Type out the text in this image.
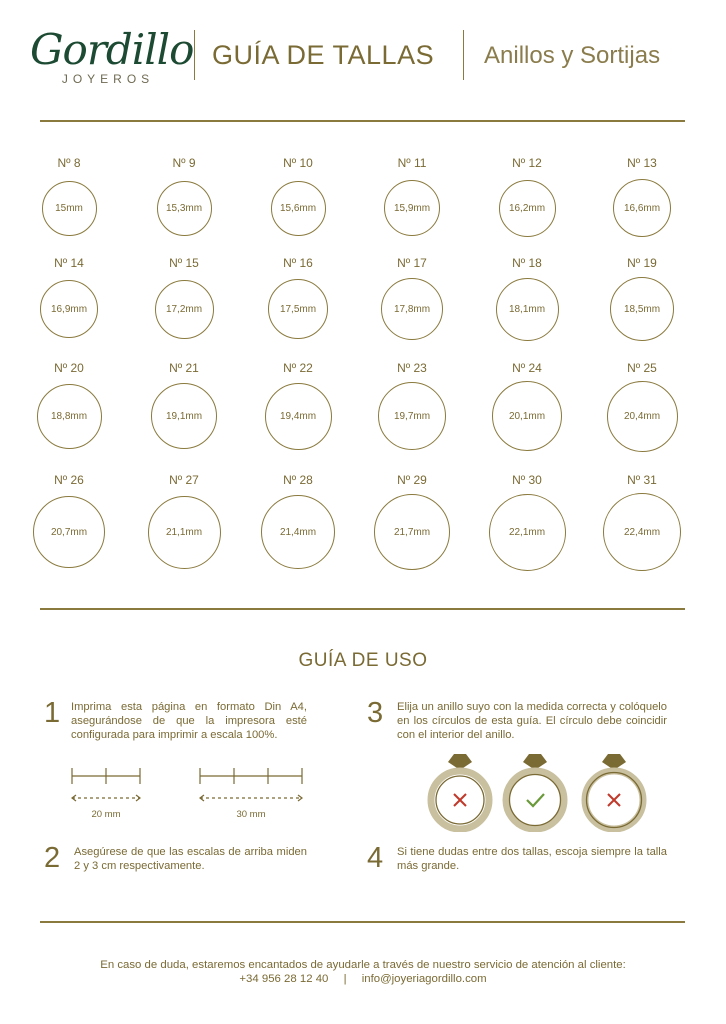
Gordillo
JOYEROS
GUÍA DE TALLAS Anillos y Sortijas
Nº 8
15mm
Nº 9
15,3mm
Nº 10
15,6mm
Nº 11
15,9mm
Nº 12
16,2mm
Nº 13
16,6mm
Nº 14
16,9mm
Nº 15
17,2mm
Nº 16
17,5mm
Nº 17
17,8mm
Nº 18
18,1mm
Nº 19
18,5mm
Nº 20
18,8mm
Nº 21
19,1mm
Nº 22
19,4mm
Nº 23
19,7mm
Nº 24
20,1mm
Nº 25
20,4mm
Nº 26
20,7mm
Nº 27
21,1mm
Nº 28
21,4mm
Nº 29
21,7mm
Nº 30
22,1mm
Nº 31
22,4mm
GUÍA DE USO
1 Imprima esta página en formato Din A4, asegurándose de que la impresora esté configurada para imprimir a escala 100%.
3 Elija un anillo suyo con la medida correcta y colóquelo en los círculos de esta guía. El círculo debe coincidir con el interior del anillo.
20 mm	30 mm
2 Asegúrese de que las escalas de arriba miden 2 y 3 cm respectivamente.	4 Si tiene dudas entre dos tallas, escoja siempre la talla más grande.
En caso de duda, estaremos encantados de ayudarle a través de nuestro servicio de atención al cliente:
+34 956 28 12 40 | info@joyeriagordillo.com
